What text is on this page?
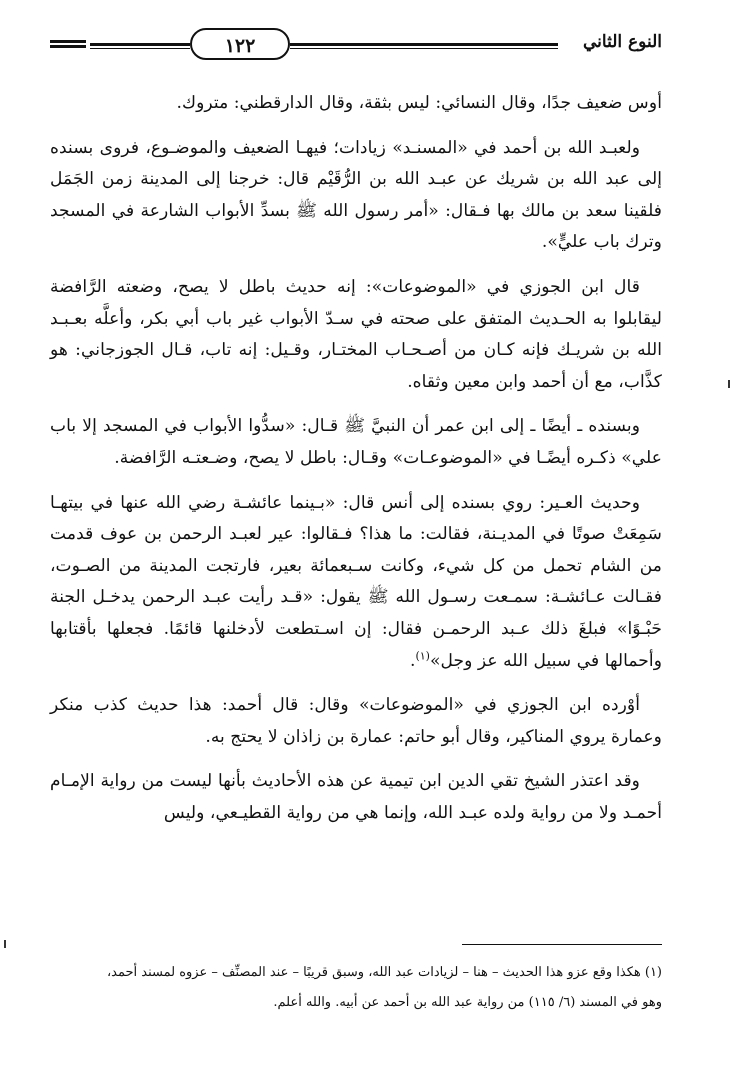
١٢٢	النوع الثاني

أوس ضعيف جدًا، وقال النسائي: ليس بثقة، وقال الدارقطني: متروك.

ولعبـد الله بن أحمد في «المسنـد» زيادات؛ فيهـا الضعيف والموضـوع، فروى بسنده إلى عبد الله بن شريك عن عبـد الله بن الرُّقَيْم قال: خرجنا إلى المدينة زمن الجَمَل فلقينا سعد بن مالك بها فـقال: «أمر رسول الله ﷺ بسدِّ الأبواب الشارعة في المسجد وترك باب عليٍّ».

قال ابن الجوزي في «الموضوعات»: إنه حديث باطل لا يصح، وضعته الرَّافضة ليقابلوا به الحـديث المتفق على صحته في سـدّ الأبواب غير باب أبي بكر، وأعلَّه بعـبـد الله بن شريـك فإنه كـان من أصـحـاب المختـار، وقـيل: إنه تاب، قـال الجوزجاني: هو كذَّاب، مع أن أحمد وابن معين وثقاه.

وبسنده ـ أيضًا ـ إلى ابن عمر أن النبيَّ ﷺ قـال: «سدُّوا الأبواب في المسجد إلا باب علي» ذكـره أيضًـا في «الموضوعـات» وقـال: باطل لا يصح، وضـعتـه الرَّافضة.

وحديث العـير: روي بسنده إلى أنس قال: «بـينما عائشـة رضي الله عنها في بيتهـا سَمِعَتْ صوتًا في المديـنة، فقالت: ما هذا؟ فـقالوا: عير لعبـد الرحمن بن عوف قدمت من الشام تحمل من كل شيء، وكانت سـبعمائة بعير، فارتجت المدينة من الصـوت، فقـالت عـائشـة: سمـعت رسـول الله ﷺ يقول: «قـد رأيت عبـد الرحمن يدخـل الجنة حَبْـوًا» فبلغَ ذلك عـبد الرحمـن فقال: إن اسـتطعت لأدخلنها قائمًا. فجعلها بأقتابها وأحمالها في سبيل الله عز وجل»$^{(١)}$.

أوْرده ابن الجوزي في «الموضوعات» وقال: قال أحمد: هذا حديث كذب منكر وعمارة يروي المناكير، وقال أبو حاتم: عمارة بن زاذان لا يحتج به.

وقد اعتذر الشيخ تقي الدين ابن تيمية عن هذه الأحاديث بأنها ليست من رواية الإمـام أحمـد ولا من رواية ولده عبـد الله، وإنما هي من رواية القطيـعي، وليس

(١) هكذا وقع عزو هذا الحديث – هنا – لزيادات عبد الله، وسبق قريبًا – عند المصنِّف – عزوه لمسند أحمد،

وهو في المسند (٦/ ١١٥) من رواية عبد الله بن أحمد عن أبيه. والله أعلم.
